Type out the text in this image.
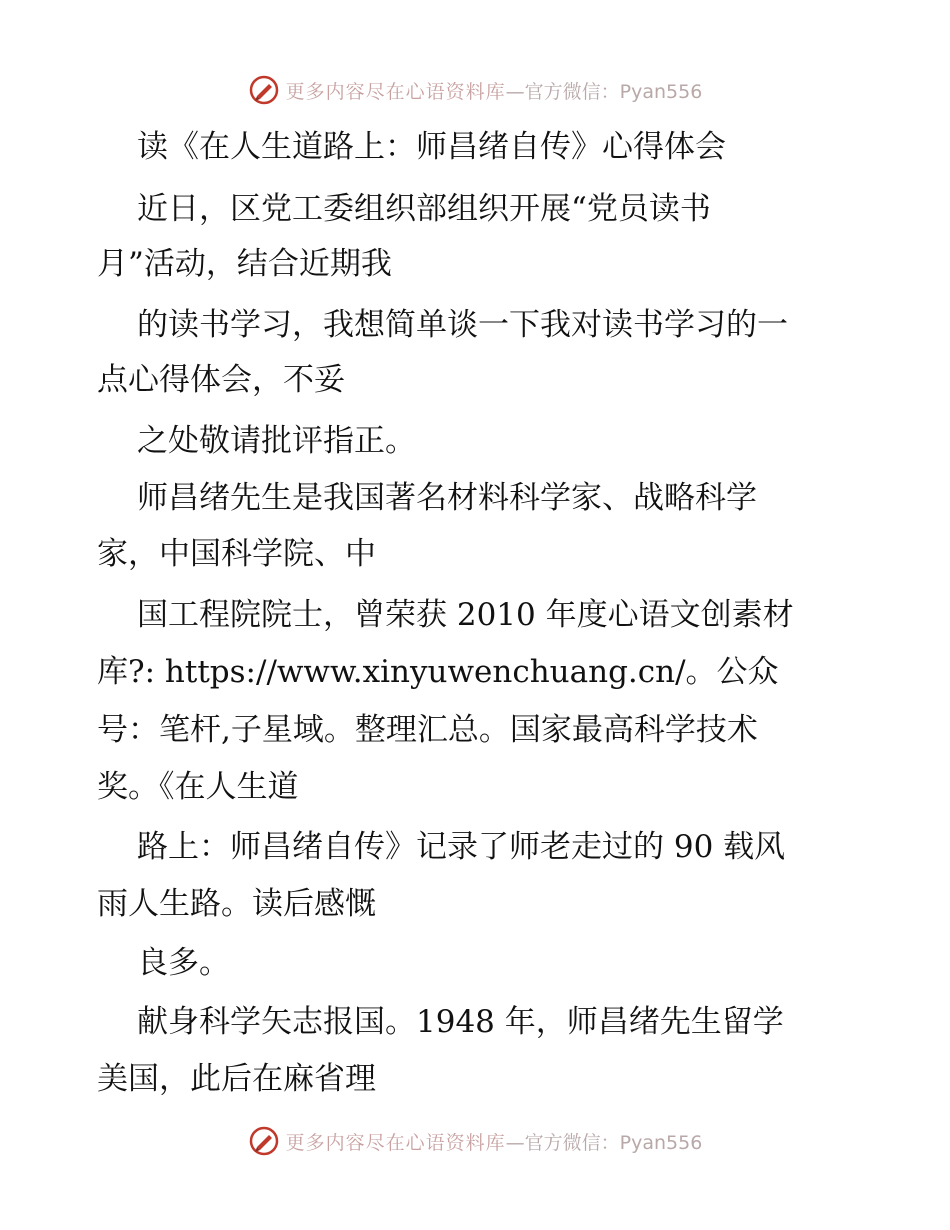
更多内容尽在心语资料库 —官方微信：Pyan556
读《在人生道路上：师昌绪自传》心得体会
近日，区党工委组织部组织开展“党员读书
月”活动，结合近期我
的读书学习，我想简单谈一下我对读书学习的一
点心得体会，不妥
之处敬请批评指正。
师昌绪先生是我国著名材料科学家、战略科学
家，中国科学院、中
国工程院院士，曾荣获 2010 年度心语文创素材
库?: https://www.xinyuwenchuang.cn/。公众
号：笔杆,子星域。整理汇总。国家最高科学技术
奖。《在人生道
路上：师昌绪自传》记录了师老走过的 90 载风
雨人生路。读后感慨
良多。
献身科学矢志报国。1948 年，师昌绪先生留学
美国，此后在麻省理
更多内容尽在心语资料库 —官方微信：Pyan556
